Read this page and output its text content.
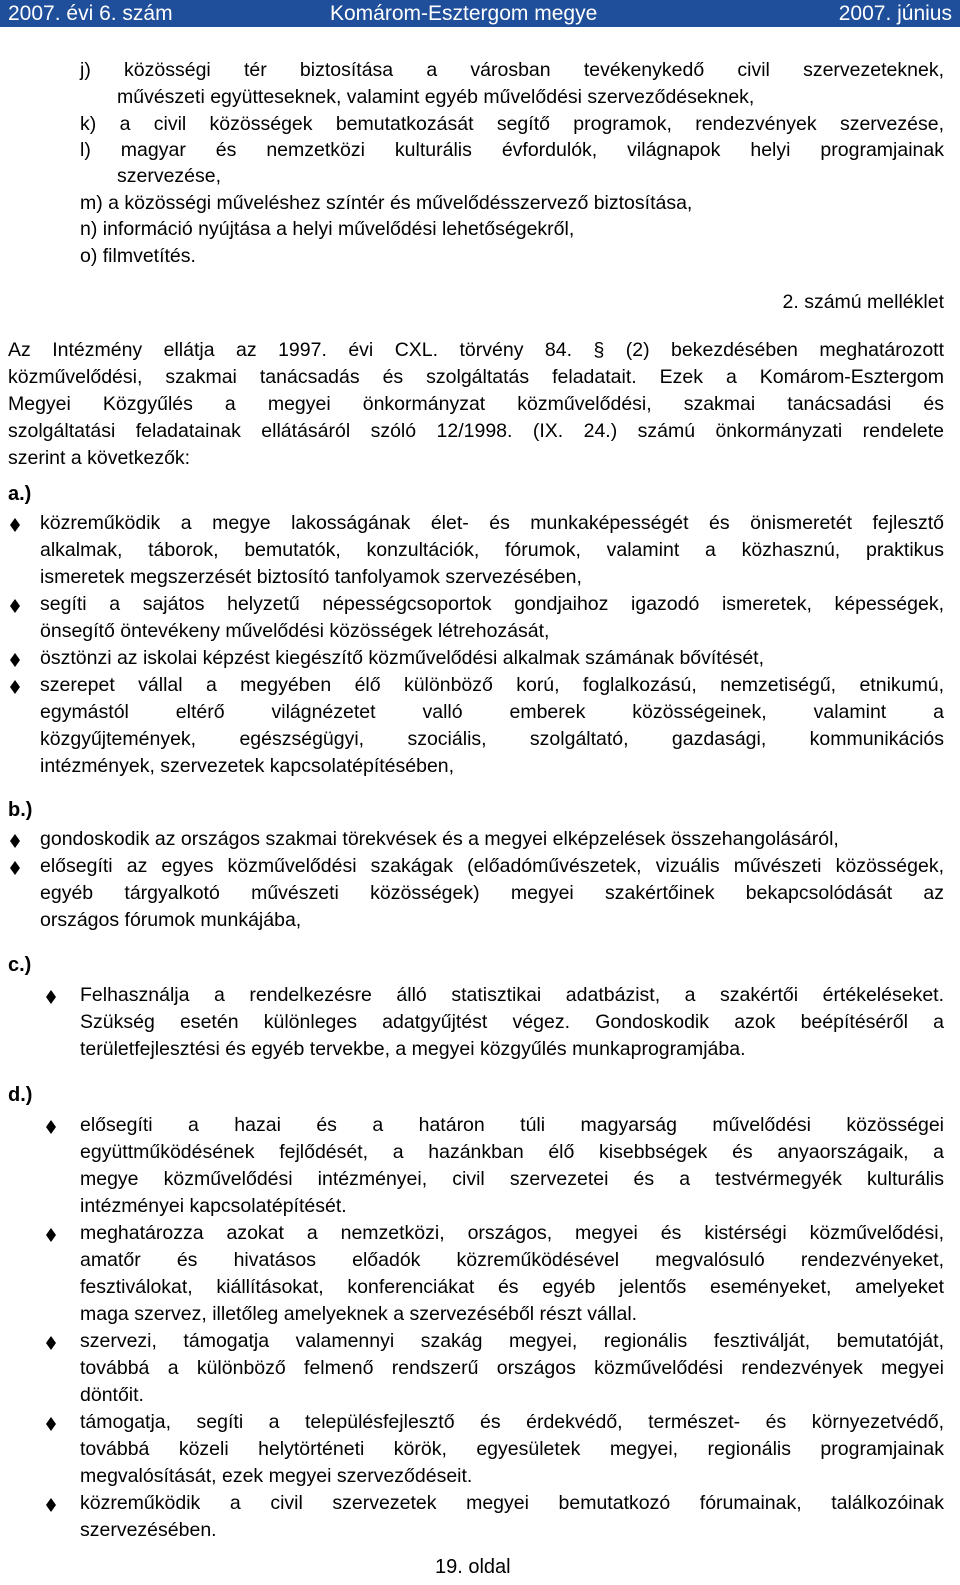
2007. évi 6. szám	Komárom-Esztergom megye	2007. június
j) közösségi tér biztosítása a városban tevékenykedő civil szervezeteknek,
művészeti együtteseknek, valamint egyéb művelődési szerveződéseknek,
k) a civil közösségek bemutatkozását segítő programok, rendezvények szervezése,
l) magyar és nemzetközi kulturális évfordulók, világnapok helyi programjainak
szervezése,
m) a közösségi műveléshez színtér és művelődésszervező biztosítása,
n) információ nyújtása a helyi művelődési lehetőségekről,
o) filmvetítés.
2. számú melléklet
Az Intézmény ellátja az 1997. évi CXL. törvény 84. § (2) bekezdésében meghatározott
közművelődési, szakmai tanácsadás és szolgáltatás feladatait. Ezek a Komárom-Esztergom
Megyei Közgyűlés a megyei önkormányzat közművelődési, szakmai tanácsadási és
szolgáltatási feladatainak ellátásáról szóló 12/1998. (IX. 24.) számú önkormányzati rendelete
szerint a következők:
a.)
közreműködik a megye lakosságának élet- és munkaképességét és önismeretét fejlesztő
alkalmak, táborok, bemutatók, konzultációk, fórumok, valamint a közhasznú, praktikus
ismeretek megszerzését biztosító tanfolyamok szervezésében,
segíti a sajátos helyzetű népességcsoportok gondjaihoz igazodó ismeretek, képességek,
önsegítő öntevékeny művelődési közösségek létrehozását,
ösztönzi az iskolai képzést kiegészítő közművelődési alkalmak számának bővítését,
szerepet vállal a megyében élő különböző korú, foglalkozású, nemzetiségű, etnikumú,
egymástól eltérő világnézetet valló emberek közösségeinek, valamint a
közgyűjtemények, egészségügyi, szociális, szolgáltató, gazdasági, kommunikációs
intézmények, szervezetek kapcsolatépítésében,
b.)
gondoskodik az országos szakmai törekvések és a megyei elképzelések összehangolásáról,
elősegíti az egyes közművelődési szakágak (előadóművészetek, vizuális művészeti közösségek,
egyéb tárgyalkotó művészeti közösségek) megyei szakértőinek bekapcsolódását az
országos fórumok munkájába,
c.)
Felhasználja a rendelkezésre álló statisztikai adatbázist, a szakértői értékeléseket.
Szükség esetén különleges adatgyűjtést végez. Gondoskodik azok beépítéséről a
területfejlesztési és egyéb tervekbe, a megyei közgyűlés munkaprogramjába.
d.)
elősegíti a hazai és a határon túli magyarság művelődési közösségei
együttműködésének fejlődését, a hazánkban élő kisebbségek és anyaországaik, a
megye közművelődési intézményei, civil szervezetei és a testvérmegyék kulturális
intézményei kapcsolatépítését.
meghatározza azokat a nemzetközi, országos, megyei és kistérségi közművelődési,
amatőr és hivatásos előadók közreműködésével megvalósuló rendezvényeket,
fesztiválokat, kiállításokat, konferenciákat és egyéb jelentős eseményeket, amelyeket
maga szervez, illetőleg amelyeknek a szervezéséből részt vállal.
szervezi, támogatja valamennyi szakág megyei, regionális fesztiválját, bemutatóját,
továbbá a különböző felmenő rendszerű országos közművelődési rendezvények megyei
döntőit.
támogatja, segíti a településfejlesztő és érdekvédő, természet- és környezetvédő,
továbbá közeli helytörténeti körök, egyesületek megyei, regionális programjainak
megvalósítását, ezek megyei szerveződéseit.
közreműködik a civil szervezetek megyei bemutatkozó fórumainak, találkozóinak
szervezésében.
19. oldal
